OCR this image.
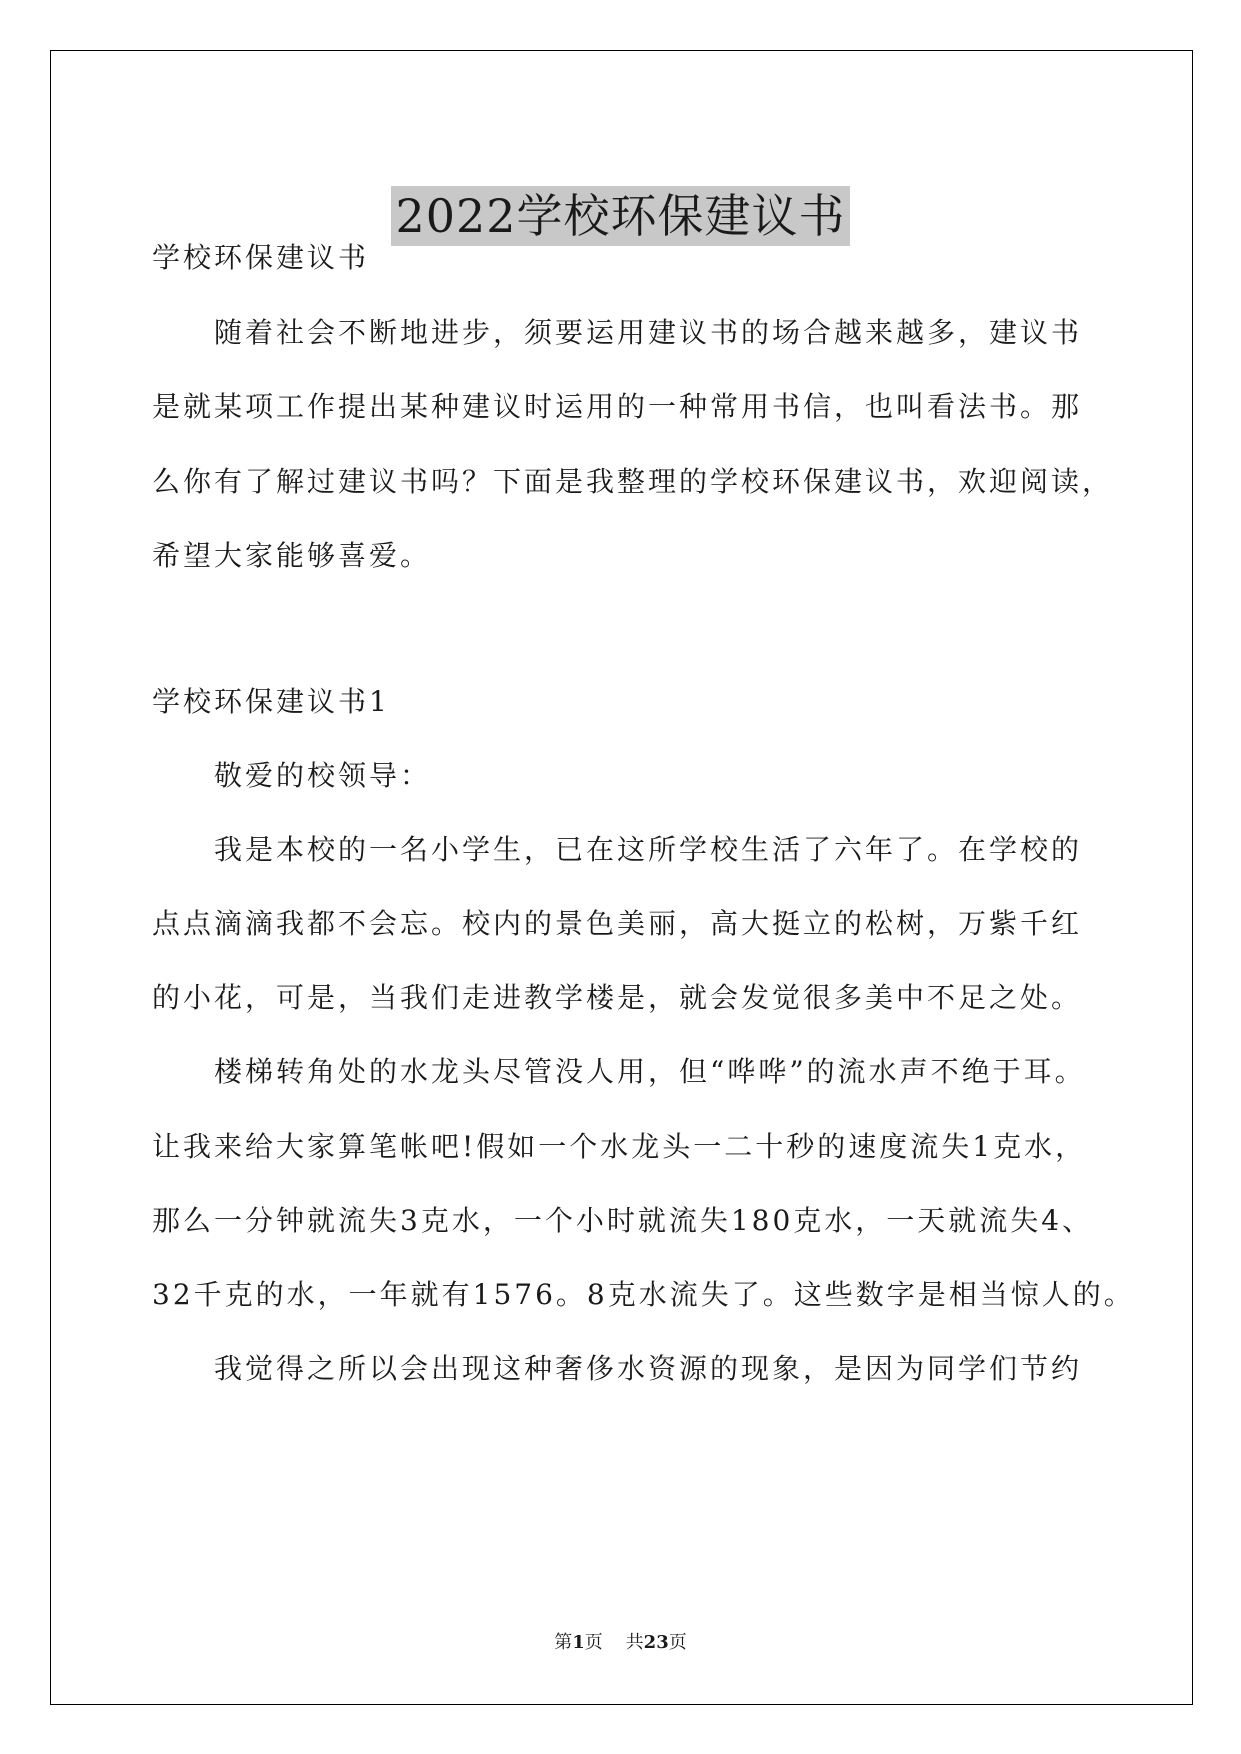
2022学校环保建议书
学校环保建议书
随着社会不断地进步，须要运用建议书的场合越来越多，建议书
是就某项工作提出某种建议时运用的一种常用书信，也叫看法书。那
么你有了解过建议书吗？下面是我整理的学校环保建议书，欢迎阅读，
希望大家能够喜爱。
学校环保建议书1
敬爱的校领导：
我是本校的一名小学生，已在这所学校生活了六年了。在学校的
点点滴滴我都不会忘。校内的景色美丽，高大挺立的松树，万紫千红
的小花，可是，当我们走进教学楼是，就会发觉很多美中不足之处。
楼梯转角处的水龙头尽管没人用，但“哗哗”的流水声不绝于耳。
让我来给大家算笔帐吧!假如一个水龙头一二十秒的速度流失1克水，
那么一分钟就流失3克水，一个小时就流失180克水，一天就流失4、
32千克的水，一年就有1576。8克水流失了。这些数字是相当惊人的。
我觉得之所以会出现这种奢侈水资源的现象，是因为同学们节约
第1页 共23页
